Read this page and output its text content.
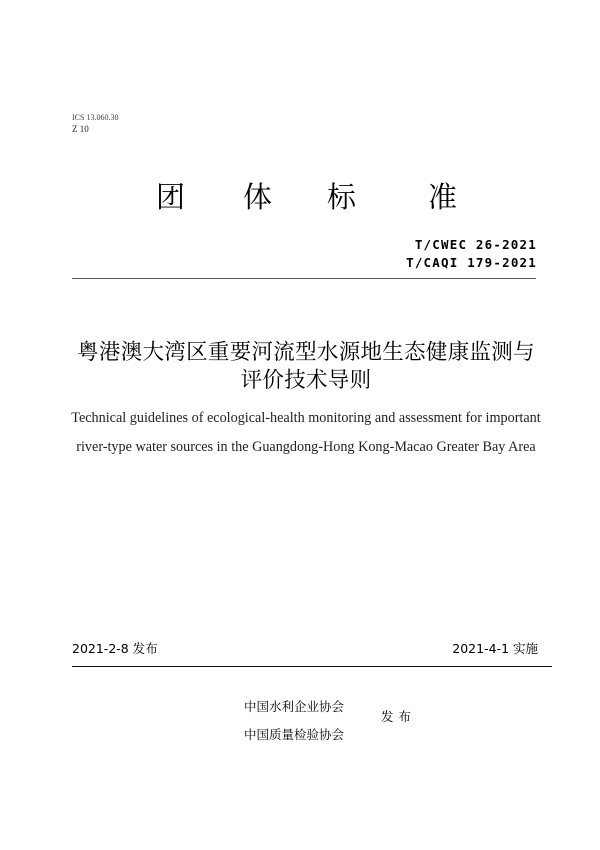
ICS 13.060.30
Z 10
团 体 标 准
T/CWEC 26-2021
T/CAQI 179-2021
粤港澳大湾区重要河流型水源地生态健康监测与
评价技术导则
Technical guidelines of ecological-health monitoring and assessment for important
river-type water sources in the Guangdong-Hong Kong-Macao Greater Bay Area
2021-2-8 发布	2021-4-1 实施
中国水利企业协会
中国质量检验协会
发布
